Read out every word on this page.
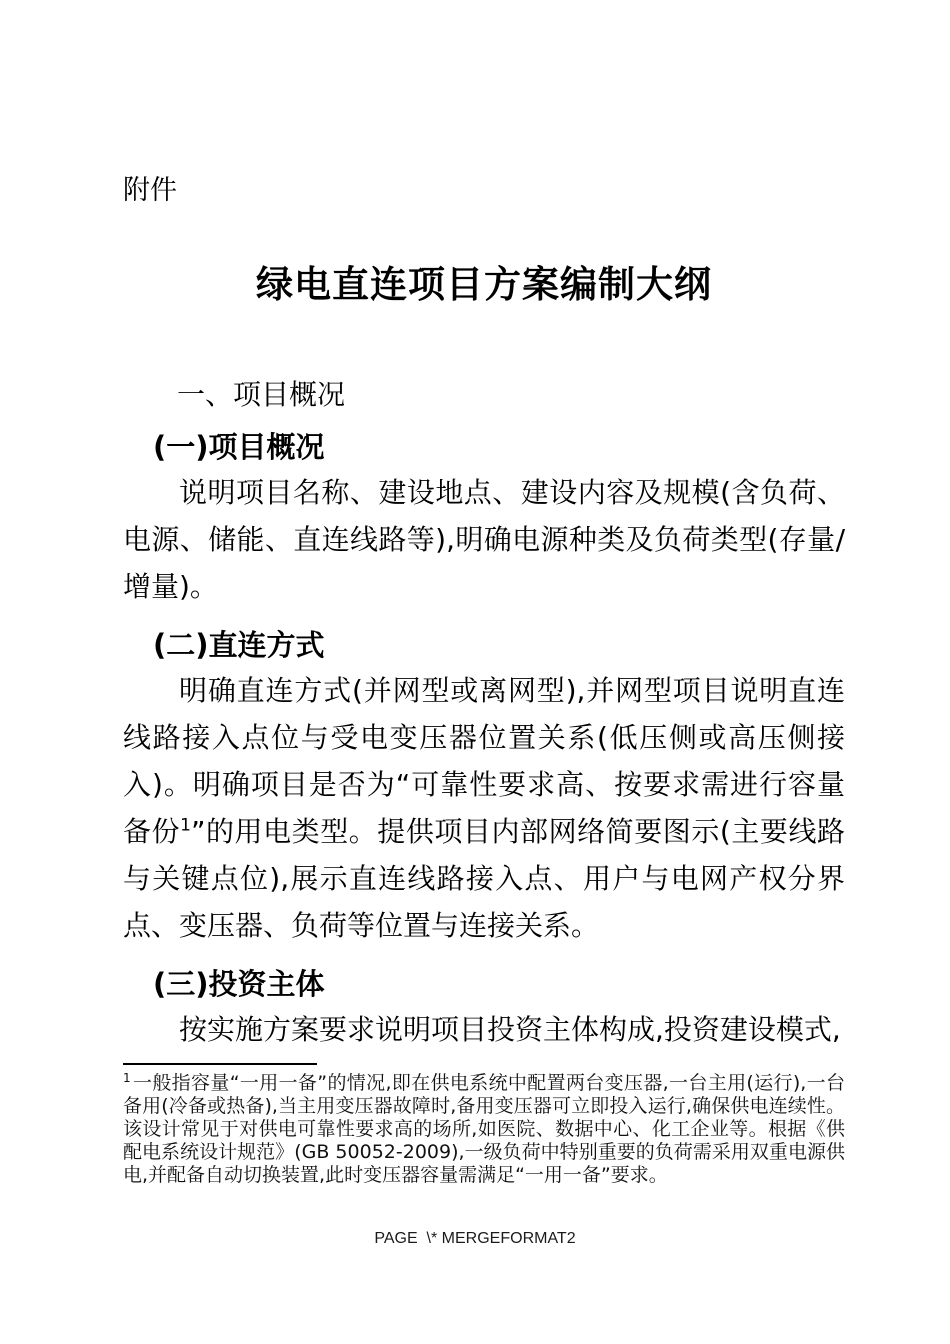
附件
绿电直连项目方案编制大纲
一、项目概况
(一)项目概况

说明项目名称、建设地点、建设内容及规模(含负荷、电源、储能、直连线路等),明确电源种类及负荷类型(存量/增量)。

(二)直连方式

明确直连方式(并网型或离网型),并网型项目说明直连线路接入点位与受电变压器位置关系(低压侧或高压侧接入)。明确项目是否为“可靠性要求高、按要求需进行容量备份$^1$”的用电类型。提供项目内部网络简要图示(主要线路与关键点位),展示直连线路接入点、用户与电网产权分界点、变压器、负荷等位置与连接关系。

(三)投资主体

按实施方案要求说明项目投资主体构成,投资建设模式,

$^1$ 一般指容量“一用一备”的情况,即在供电系统中配置两台变压器,一台主用(运行),一台备用(冷备或热备),当主用变压器故障时,备用变压器可立即投入运行,确保供电连续性。该设计常见于对供电可靠性要求高的场所,如医院、数据中心、化工企业等。根据《供配电系统设计规范》(GB 50052-2009),一级负荷中特别重要的负荷需采用双重电源供电,并配备自动切换装置,此时变压器容量需满足“一用一备”要求。
PAGE  \* MERGEFORMAT2
